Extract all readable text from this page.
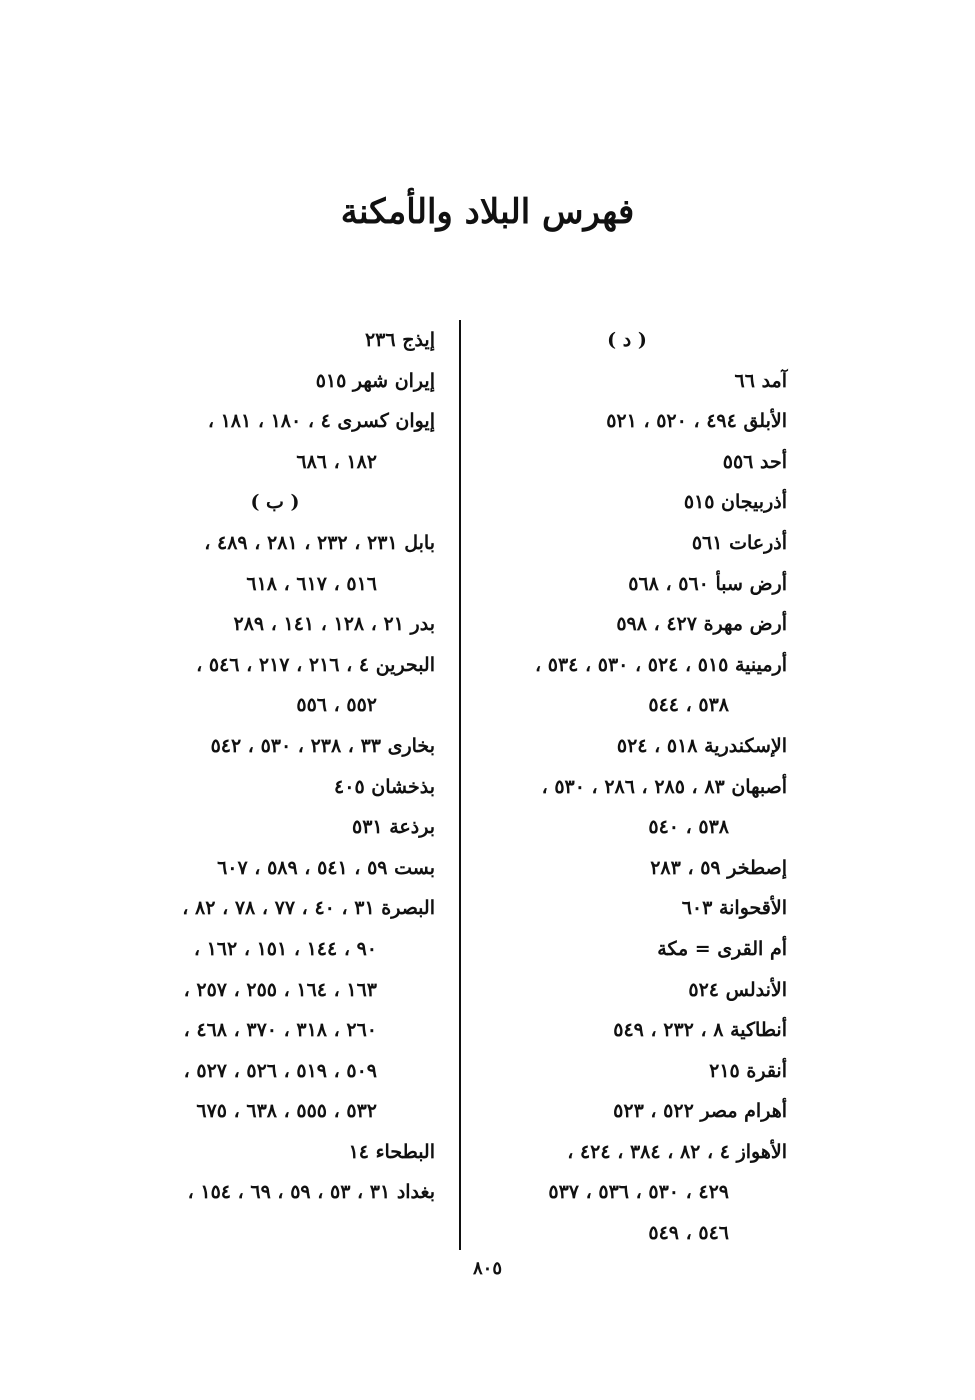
فهرس البلاد والأمكنة
( د )
آمد ٦٦
الأبلق ٤٩٤ ، ٥٢٠ ، ٥٢١
أحد ٥٥٦
أذربيجان ٥١٥
أذرعات ٥٦١
أرض سبأ ٥٦٠ ، ٥٦٨
أرض مهرة ٤٢٧ ، ٥٩٨
أرمينية ٥١٥ ، ٥٢٤ ، ٥٣٠ ، ٥٣٤ ،
٥٣٨ ، ٥٤٤
الإسكندرية ٥١٨ ، ٥٢٤
أصبهان ٨٣ ، ٢٨٥ ، ٢٨٦ ، ٥٣٠ ،
٥٣٨ ، ٥٤٠
إصطخر ٥٩ ، ٢٨٣
الأقحوانة ٦٠٣
أم القرى = مكة
الأندلس ٥٢٤
أنطاكية ٨ ، ٢٣٢ ، ٥٤٩
أنقرة ٢١٥
أهرام مصر ٥٢٢ ، ٥٢٣
الأهواز ٤ ، ٨٢ ، ٣٨٤ ، ٤٢٤ ،
٤٢٩ ، ٥٣٠ ، ٥٣٦ ، ٥٣٧
٥٤٦ ، ٥٤٩
إيذج ٢٣٦
إيران شهر ٥١٥
إيوان كسرى ٤ ، ١٨٠ ، ١٨١ ،
١٨٢ ، ٦٨٦
( ب )
بابل ٢٣١ ، ٢٣٢ ، ٢٨١ ، ٤٨٩ ،
٥١٦ ، ٦١٧ ، ٦١٨
بدر ٢١ ، ١٢٨ ، ١٤١ ، ٢٨٩
البحرين ٤ ، ٢١٦ ، ٢١٧ ، ٥٤٦ ،
٥٥٢ ، ٥٥٦
بخارى ٣٣ ، ٢٣٨ ، ٥٣٠ ، ٥٤٢
بذخشان ٤٠٥
برذعة ٥٣١
بست ٥٩ ، ٥٤١ ، ٥٨٩ ، ٦٠٧
البصرة ٣١ ، ٤٠ ، ٧٧ ، ٧٨ ، ٨٢ ،
٩٠ ، ١٤٤ ، ١٥١ ، ١٦٢ ،
١٦٣ ، ١٦٤ ، ٢٥٥ ، ٢٥٧ ،
٢٦٠ ، ٣١٨ ، ٣٧٠ ، ٤٦٨ ،
٥٠٩ ، ٥١٩ ، ٥٢٦ ، ٥٢٧ ،
٥٣٢ ، ٥٥٥ ، ٦٣٨ ، ٦٧٥
البطحاء ١٤
بغداد ٣١ ، ٥٣ ، ٥٩ ، ٦٩ ، ١٥٤ ،
٨٠٥
